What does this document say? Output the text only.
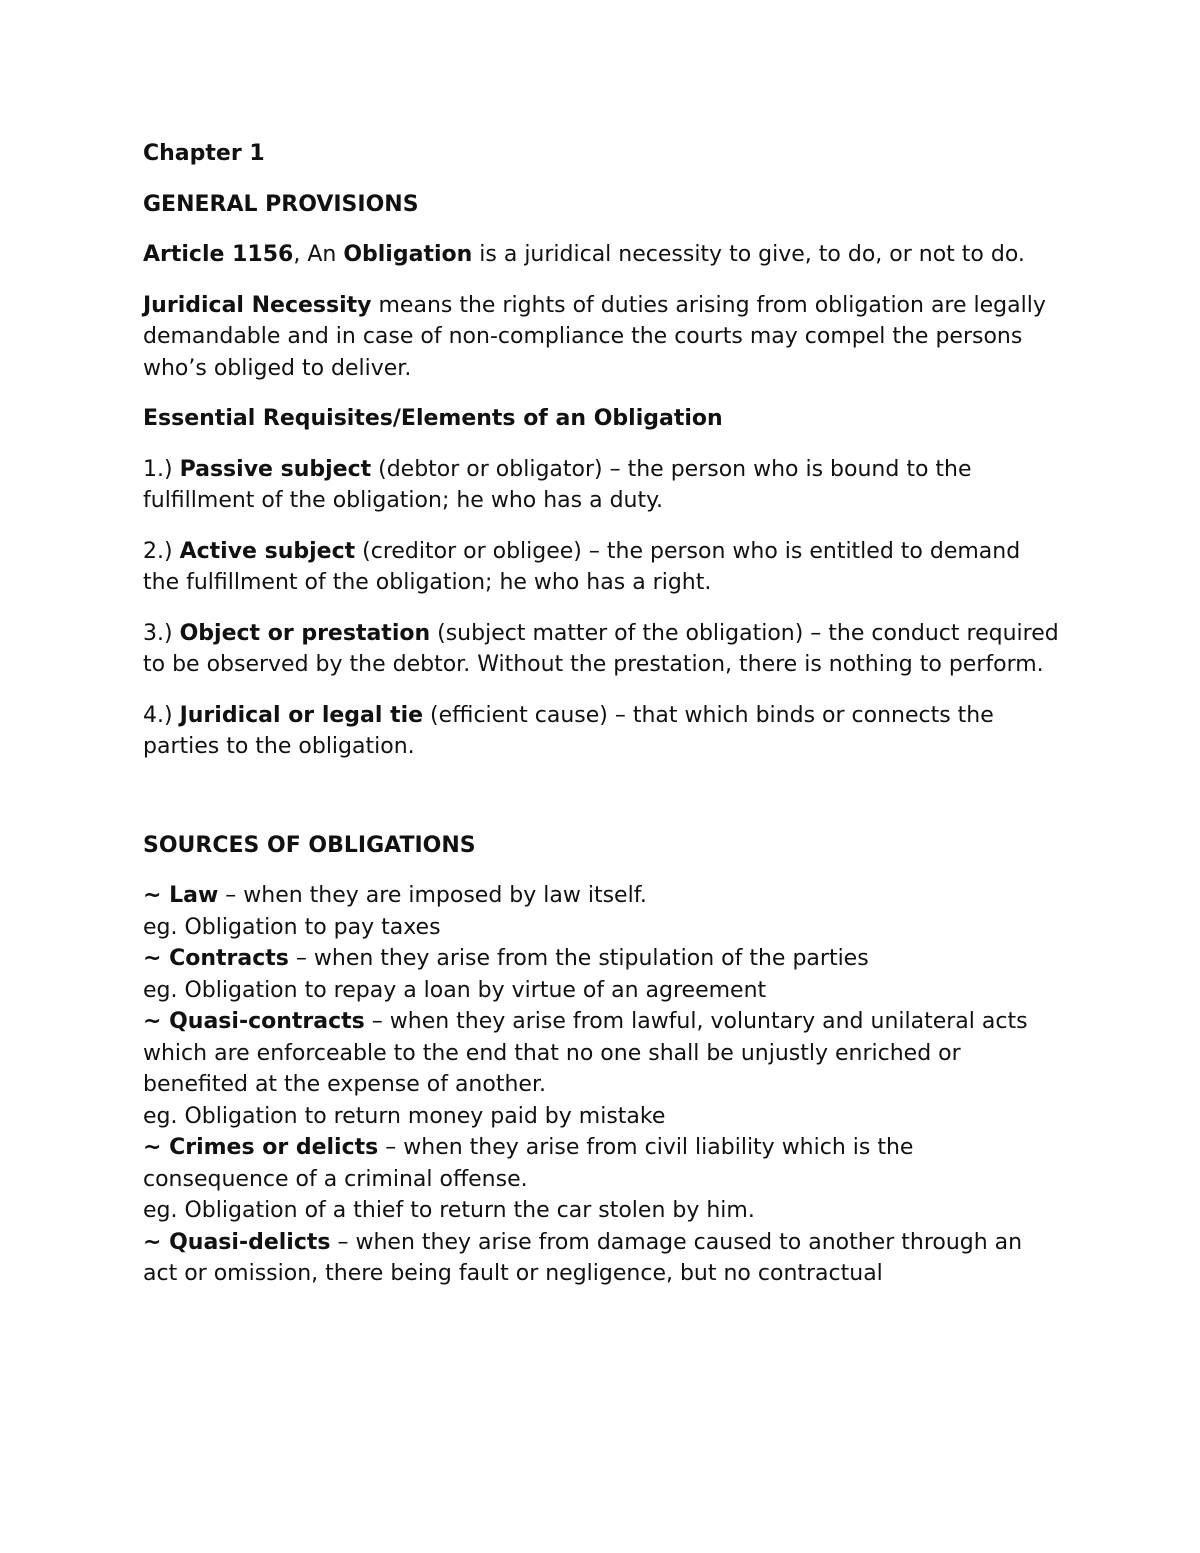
Chapter 1

GENERAL PROVISIONS

Article 1156, An Obligation is a juridical necessity to give, to do, or not to do.

Juridical Necessity means the rights of duties arising from obligation are legally demandable and in case of non-compliance the courts may compel the persons who’s obliged to deliver.

Essential Requisites/Elements of an Obligation

1.) Passive subject (debtor or obligator) – the person who is bound to the fulfillment of the obligation; he who has a duty.

2.) Active subject (creditor or obligee) – the person who is entitled to demand the fulfillment of the obligation; he who has a right.

3.) Object or prestation (subject matter of the obligation) – the conduct required to be observed by the debtor. Without the prestation, there is nothing to perform.

4.) Juridical or legal tie (efficient cause) – that which binds or connects the parties to the obligation.

SOURCES OF OBLIGATIONS

~ Law – when they are imposed by law itself.

eg. Obligation to pay taxes

~ Contracts – when they arise from the stipulation of the parties

eg. Obligation to repay a loan by virtue of an agreement

~ Quasi-contracts – when they arise from lawful, voluntary and unilateral acts which are enforceable to the end that no one shall be unjustly enriched or benefited at the expense of another.

eg. Obligation to return money paid by mistake

~ Crimes or delicts – when they arise from civil liability which is the consequence of a criminal offense.

eg. Obligation of a thief to return the car stolen by him.

~ Quasi-delicts – when they arise from damage caused to another through an act or omission, there being fault or negligence, but no contractual
